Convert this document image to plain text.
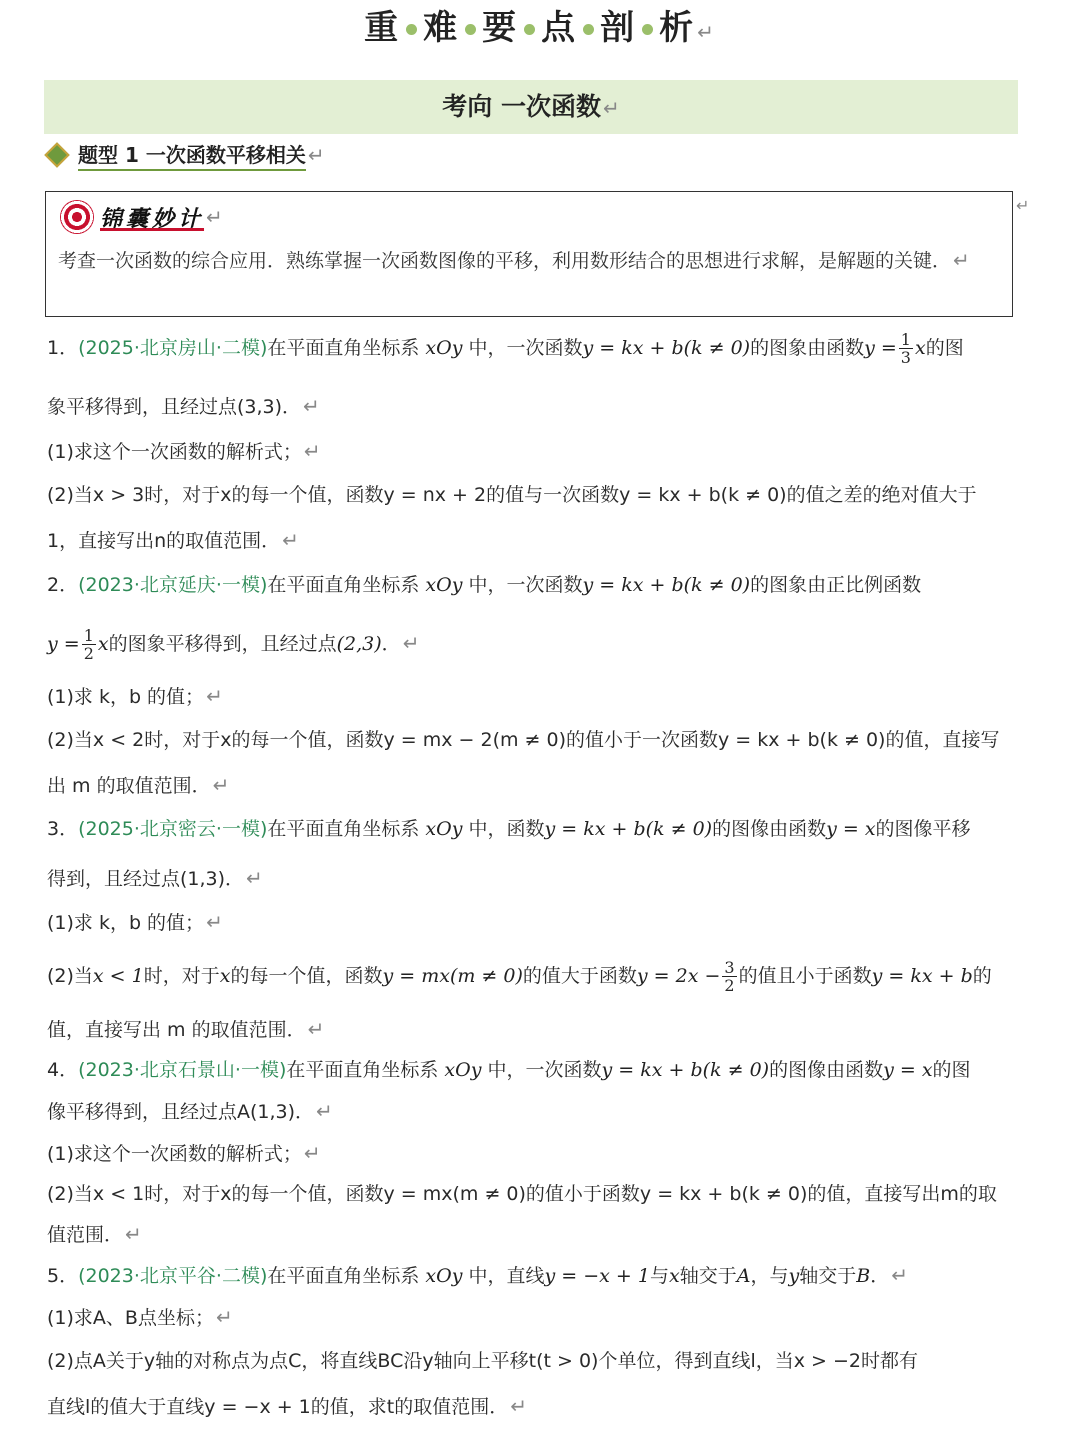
重 难 要 点 剖 析 ↵
考向 一次函数 ↵
题型 1 一次函数平移相关 ↵
锦囊妙计 ↵
考查一次函数的综合应用．熟练掌握一次函数图像的平移，利用数形结合的思想进行求解，是解题的关键． ↵
↵
1．(2025·北京房山·二模)在平面直角坐标系 xOy 中，一次函数y = kx + b(k ≠ 0)的图象由函数$y = \frac{1}{3}$ x的图
象平移得到，且经过点(3,3)． ↵
(1)求这个一次函数的解析式； ↵
(2)当x > 3时，对于x的每一个值，函数y = nx + 2的值与一次函数y = kx + b(k ≠ 0)的值之差的绝对值大于
1，直接写出n的取值范围． ↵
2．(2023·北京延庆·一模)在平面直角坐标系 xOy 中，一次函数y = kx + b(k ≠ 0)的图象由正比例函数
$y = \frac{1}{2}$ x的图象平移得到，且经过点(2,3)． ↵
(1)求 k，b 的值； ↵
(2)当x < 2时，对于x的每一个值，函数y = mx − 2(m ≠ 0)的值小于一次函数y = kx + b(k ≠ 0)的值，直接写
出 m 的取值范围． ↵
3．(2025·北京密云·一模)在平面直角坐标系 xOy 中，函数y = kx + b(k ≠ 0)的图像由函数y = x的图像平移
得到，且经过点(1,3)． ↵
(1)求 k，b 的值； ↵
(2)当x < 1时，对于x的每一个值，函数y = mx(m ≠ 0)的值大于函数$y = 2x - \frac{3}{2}$ 的值且小于函数y = kx + b的
值，直接写出 m 的取值范围． ↵
4．(2023·北京石景山·一模)在平面直角坐标系 xOy 中，一次函数y = kx + b(k ≠ 0)的图像由函数y = x的图
像平移得到，且经过点A(1,3)． ↵
(1)求这个一次函数的解析式； ↵
(2)当x < 1时，对于x的每一个值，函数y = mx(m ≠ 0)的值小于函数y = kx + b(k ≠ 0)的值，直接写出m的取
值范围． ↵
5．(2023·北京平谷·二模)在平面直角坐标系 xOy 中，直线y = −x + 1与x轴交于A，与y轴交于B． ↵
(1)求A、B点坐标； ↵
(2)点A关于y轴的对称点为点C，将直线BC沿y轴向上平移t(t > 0)个单位，得到直线l，当x > −2时都有
直线l的值大于直线y = −x + 1的值，求t的取值范围． ↵
